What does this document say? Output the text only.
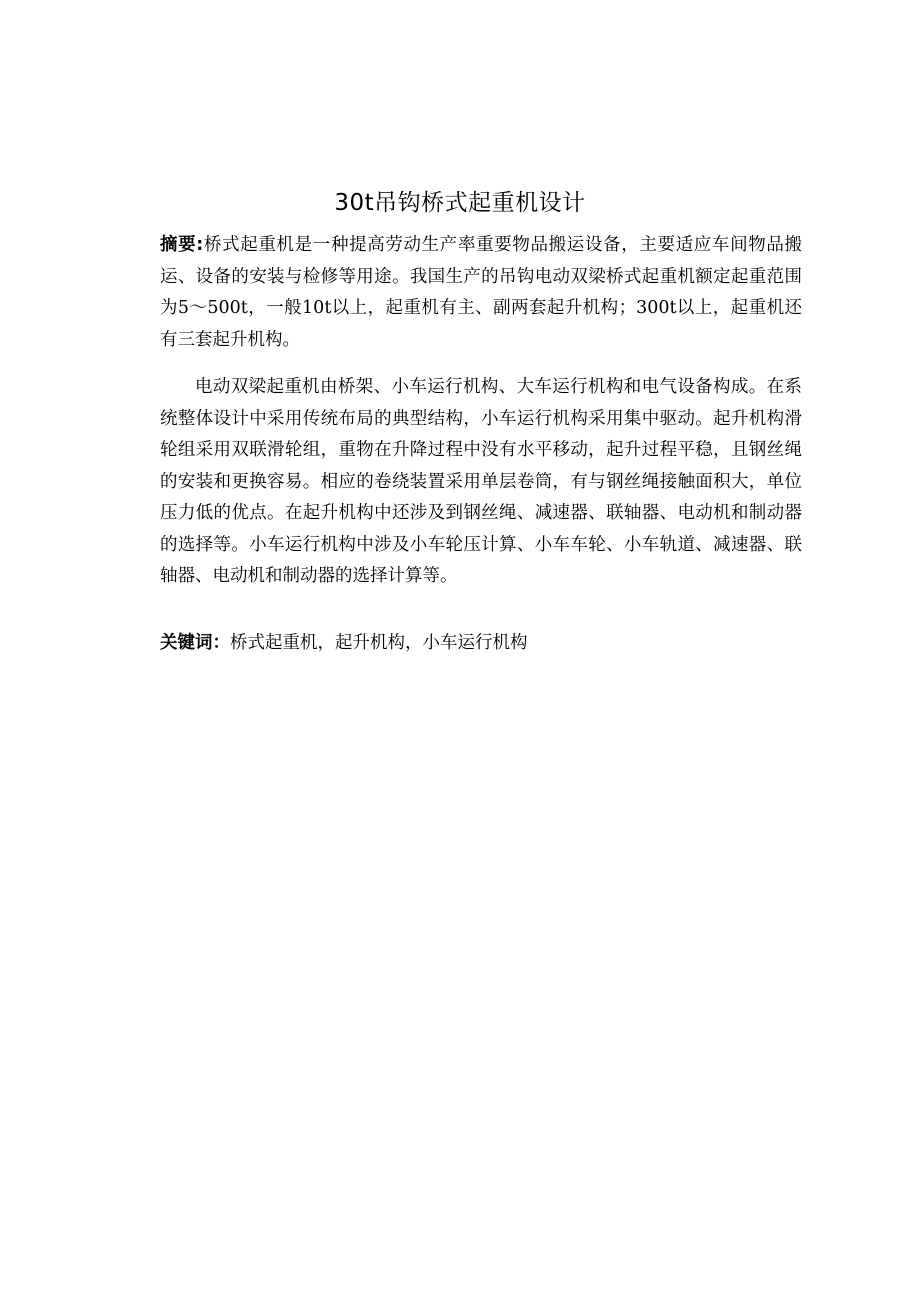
30t吊钩桥式起重机设计

摘要:桥式起重机是一种提高劳动生产率重要物品搬运设备，主要适应车间物品搬运、设备的安装与检修等用途。我国生产的吊钩电动双梁桥式起重机额定起重范围为5～500t，一般10t以上，起重机有主、副两套起升机构；300t以上，起重机还有三套起升机构。

电动双梁起重机由桥架、小车运行机构、大车运行机构和电气设备构成。在系统整体设计中采用传统布局的典型结构，小车运行机构采用集中驱动。起升机构滑轮组采用双联滑轮组，重物在升降过程中没有水平移动，起升过程平稳，且钢丝绳的安装和更换容易。相应的卷绕装置采用单层卷筒，有与钢丝绳接触面积大，单位压力低的优点。在起升机构中还涉及到钢丝绳、减速器、联轴器、电动机和制动器的选择等。小车运行机构中涉及小车轮压计算、小车车轮、小车轨道、减速器、联轴器、电动机和制动器的选择计算等。

关键词：桥式起重机，起升机构，小车运行机构
